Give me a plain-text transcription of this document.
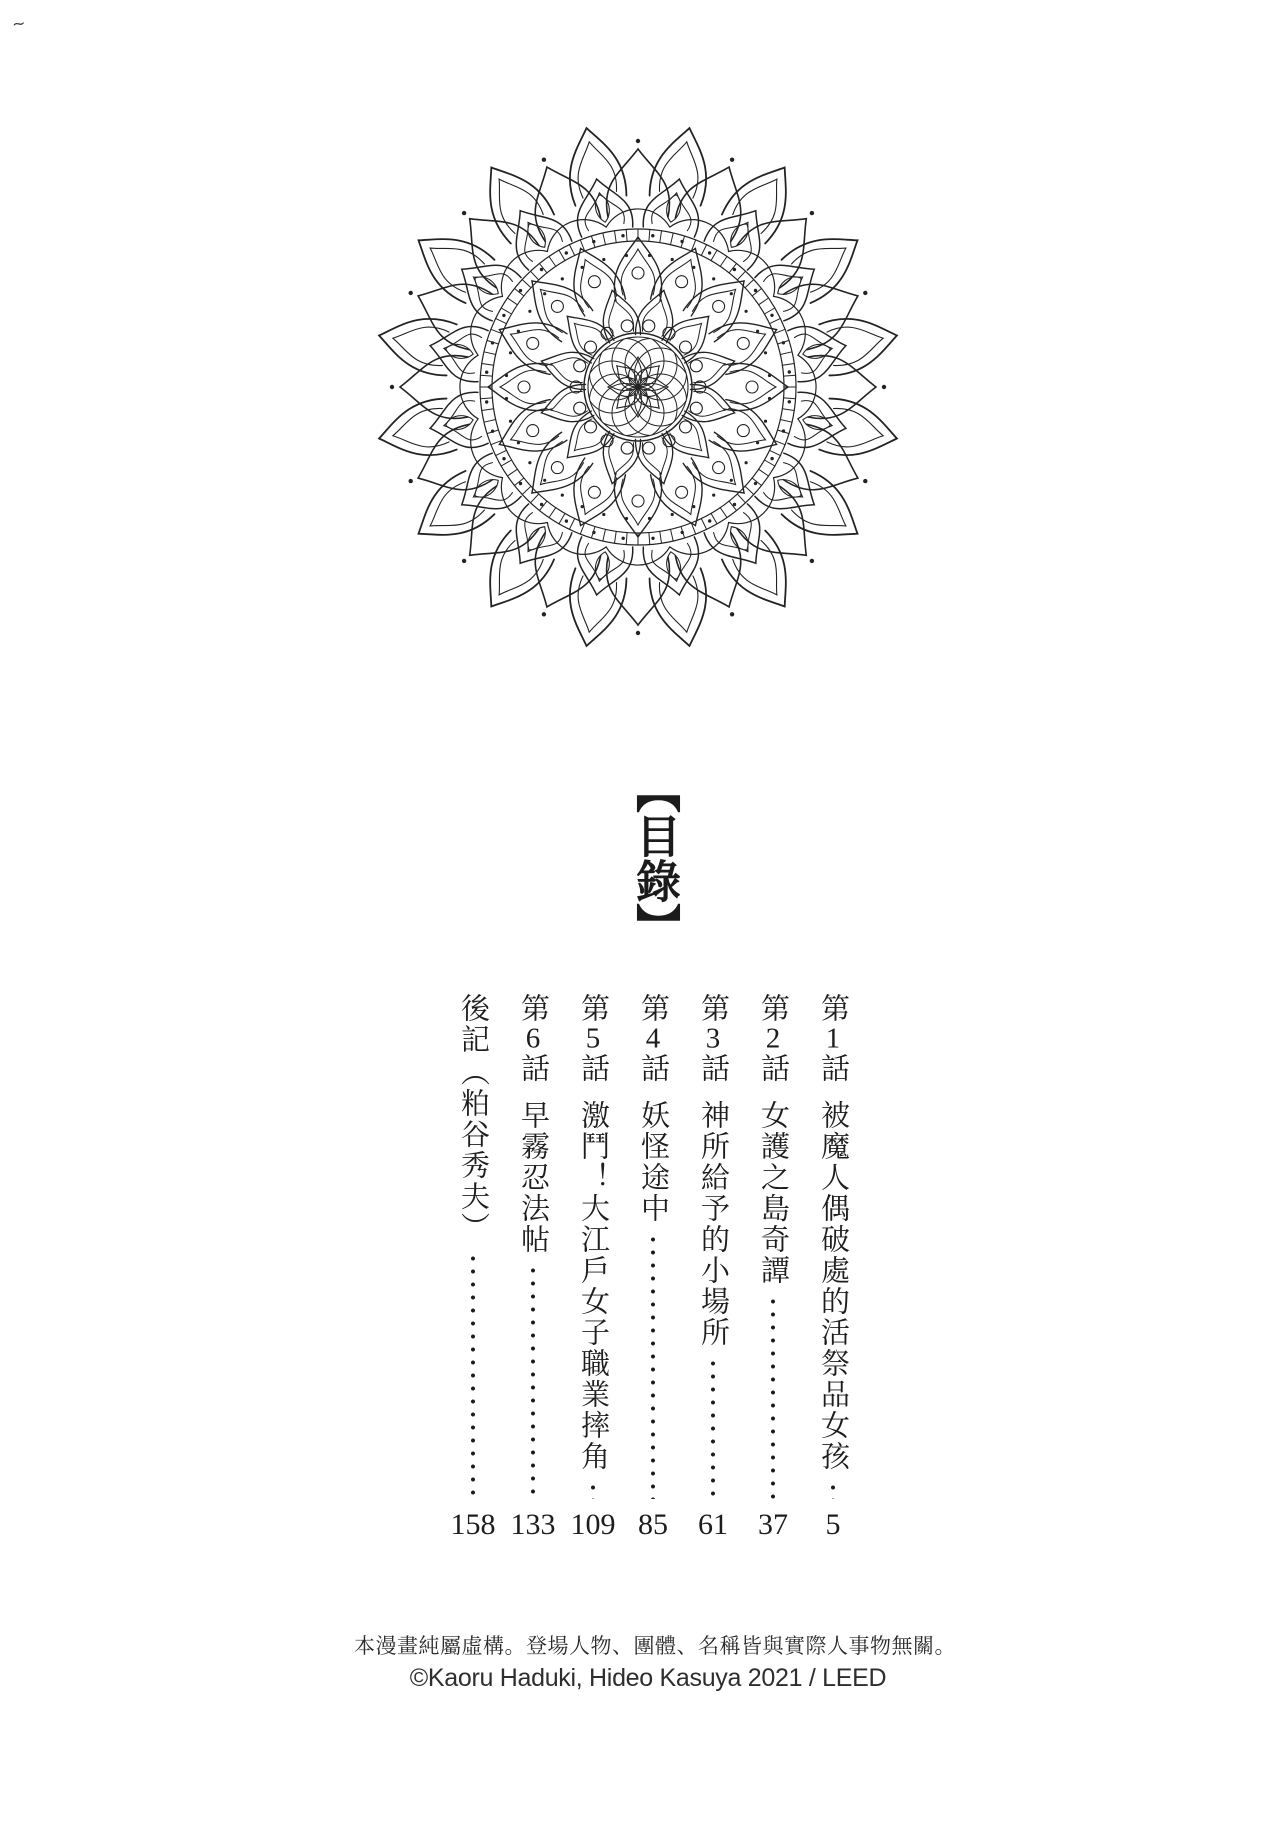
~
【目錄】
第1話被魔人偶破處的活祭品女孩
5
第2話女護之島奇譚
37
第3話神所給予的小場所
61
第4話妖怪途中
85
第5話激鬥！大江戶女子職業摔角
109
第6話早霧忍法帖
133
後記（粕谷秀夫）
158
本漫畫純屬虛構。登場人物、團體、名稱皆與實際人事物無關。
©Kaoru Haduki, Hideo Kasuya 2021 / LEED
